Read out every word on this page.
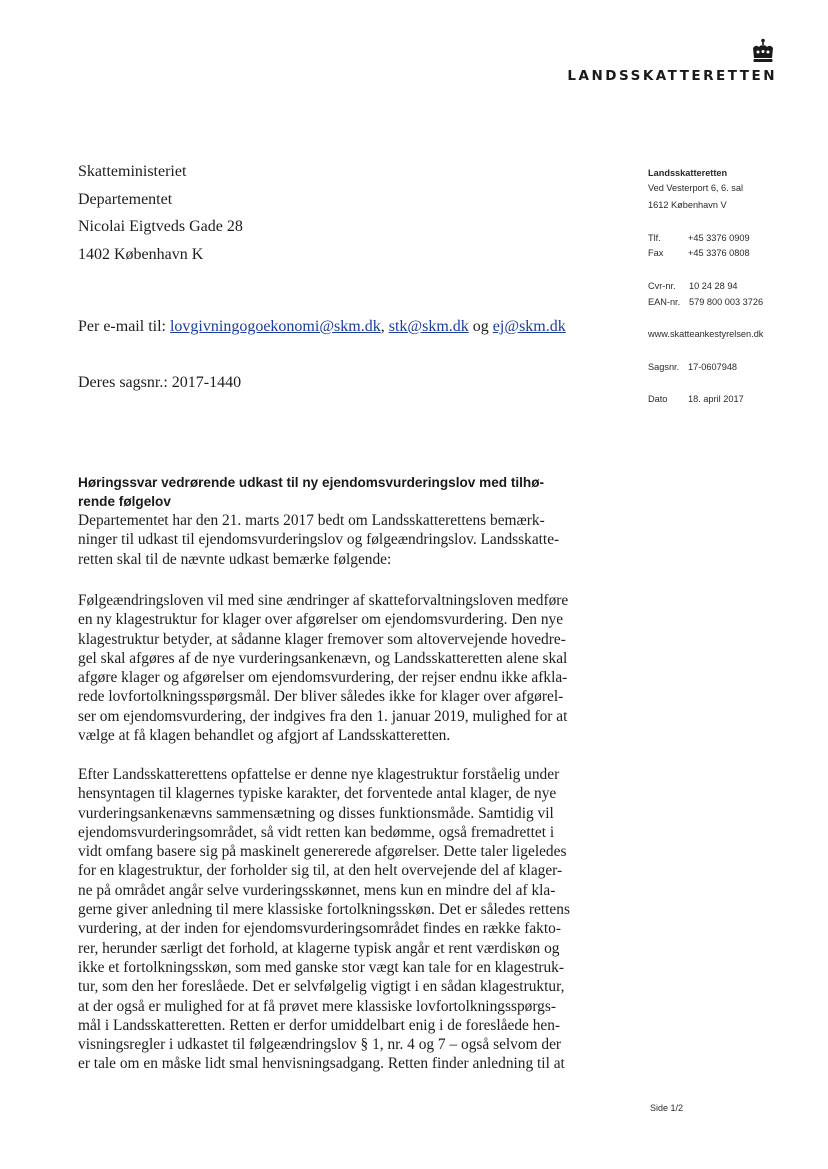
LANDSSKATTERETTEN
Skatteministeriet
Departementet
Nicolai Eigtveds Gade 28
1402 København K
Per e-mail til: lovgivningogoekonomi@skm.dk, stk@skm.dk og ej@skm.dk
Deres sagsnr.: 2017-1440
Landsskatteretten
Ved Vesterport 6, 6. sal
1612 København V
Tlf.	+45 3376 0909
Fax	+45 3376 0808
Cvr-nr. 10 24 28 94
EAN-nr. 579 800 003 3726
www.skatteankestyrelsen.dk
Sagsnr. 17-0607948
Dato 18. april 2017
Høringssvar vedrørende udkast til ny ejendomsvurderingslov med tilhø-
rende følgelov
Departementet har den 21. marts 2017 bedt om Landsskatterettens bemærk-
ninger til udkast til ejendomsvurderingslov og følgeændringslov. Landsskatte-
retten skal til de nævnte udkast bemærke følgende:
Følgeændringsloven vil med sine ændringer af skatteforvaltningsloven medføre
en ny klagestruktur for klager over afgørelser om ejendomsvurdering. Den nye
klagestruktur betyder, at sådanne klager fremover som altovervejende hovedre-
gel skal afgøres af de nye vurderingsankenævn, og Landsskatteretten alene skal
afgøre klager og afgørelser om ejendomsvurdering, der rejser endnu ikke afkla-
rede lovfortolkningsspørgsmål. Der bliver således ikke for klager over afgørel-
ser om ejendomsvurdering, der indgives fra den 1. januar 2019, mulighed for at
vælge at få klagen behandlet og afgjort af Landsskatteretten.
Efter Landsskatterettens opfattelse er denne nye klagestruktur forståelig under
hensyntagen til klagernes typiske karakter, det forventede antal klager, de nye
vurderingsankenævns sammensætning og disses funktionsmåde. Samtidig vil
ejendomsvurderingsområdet, så vidt retten kan bedømme, også fremadrettet i
vidt omfang basere sig på maskinelt genererede afgørelser. Dette taler ligeledes
for en klagestruktur, der forholder sig til, at den helt overvejende del af klager-
ne på området angår selve vurderingsskønnet, mens kun en mindre del af kla-
gerne giver anledning til mere klassiske fortolkningsskøn. Det er således rettens
vurdering, at der inden for ejendomsvurderingsområdet findes en række fakto-
rer, herunder særligt det forhold, at klagerne typisk angår et rent værdiskøn og
ikke et fortolkningsskøn, som med ganske stor vægt kan tale for en klagestruk-
tur, som den her foreslåede. Det er selvfølgelig vigtigt i en sådan klagestruktur,
at der også er mulighed for at få prøvet mere klassiske lovfortolkningsspørgs-
mål i Landsskatteretten. Retten er derfor umiddelbart enig i de foreslåede hen-
visningsregler i udkastet til følgeændringslov § 1, nr. 4 og 7 – også selvom der
er tale om en måske lidt smal henvisningsadgang. Retten finder anledning til at
Side 1/2
